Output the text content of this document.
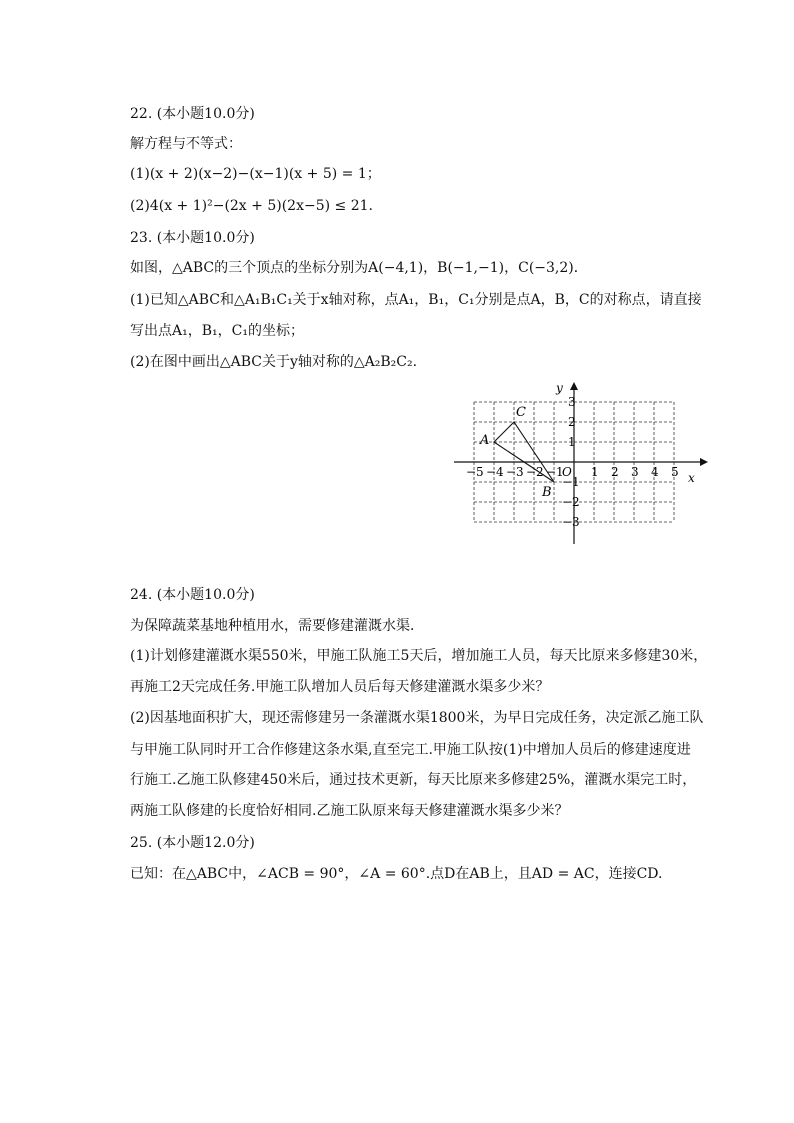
22. (本小题10.0分)
解方程与不等式：
(1)(x + 2)(x−2)−(x−1)(x + 5) = 1；
(2)4(x + 1)²−(2x + 5)(2x−5) ≤ 21.
23. (本小题10.0分)
如图，△ABC的三个顶点的坐标分别为A(−4,1)，B(−1,−1)，C(−3,2)．
(1)已知△ABC和△A₁B₁C₁关于x轴对称，点A₁，B₁，C₁分别是点A，B，C的对称点，请直接
写出点A₁，B₁，C₁的坐标；
(2)在图中画出△ABC关于y轴对称的△A₂B₂C₂.
x
y
O
−5 −4 −3 −2 −1 1 2 3 4 5
3
2
1
−1
−2
−3
A
B
C
24. (本小题10.0分)
为保障蔬菜基地种植用水，需要修建灌溉水渠．
(1)计划修建灌溉水渠550米，甲施工队施工5天后，增加施工人员，每天比原来多修建30米，
再施工2天完成任务.甲施工队增加人员后每天修建灌溉水渠多少米？
(2)因基地面积扩大，现还需修建另一条灌溉水渠1800米，为早日完成任务，决定派乙施工队
与甲施工队同时开工合作修建这条水渠,直至完工.甲施工队按(1)中增加人员后的修建速度进
行施工.乙施工队修建450米后，通过技术更新，每天比原来多修建25%，灌溉水渠完工时，
两施工队修建的长度恰好相同.乙施工队原来每天修建灌溉水渠多少米？
25. (本小题12.0分)
已知：在△ABC中，∠ACB = 90°，∠A = 60°.点D在AB上，且AD = AC，连接CD.
